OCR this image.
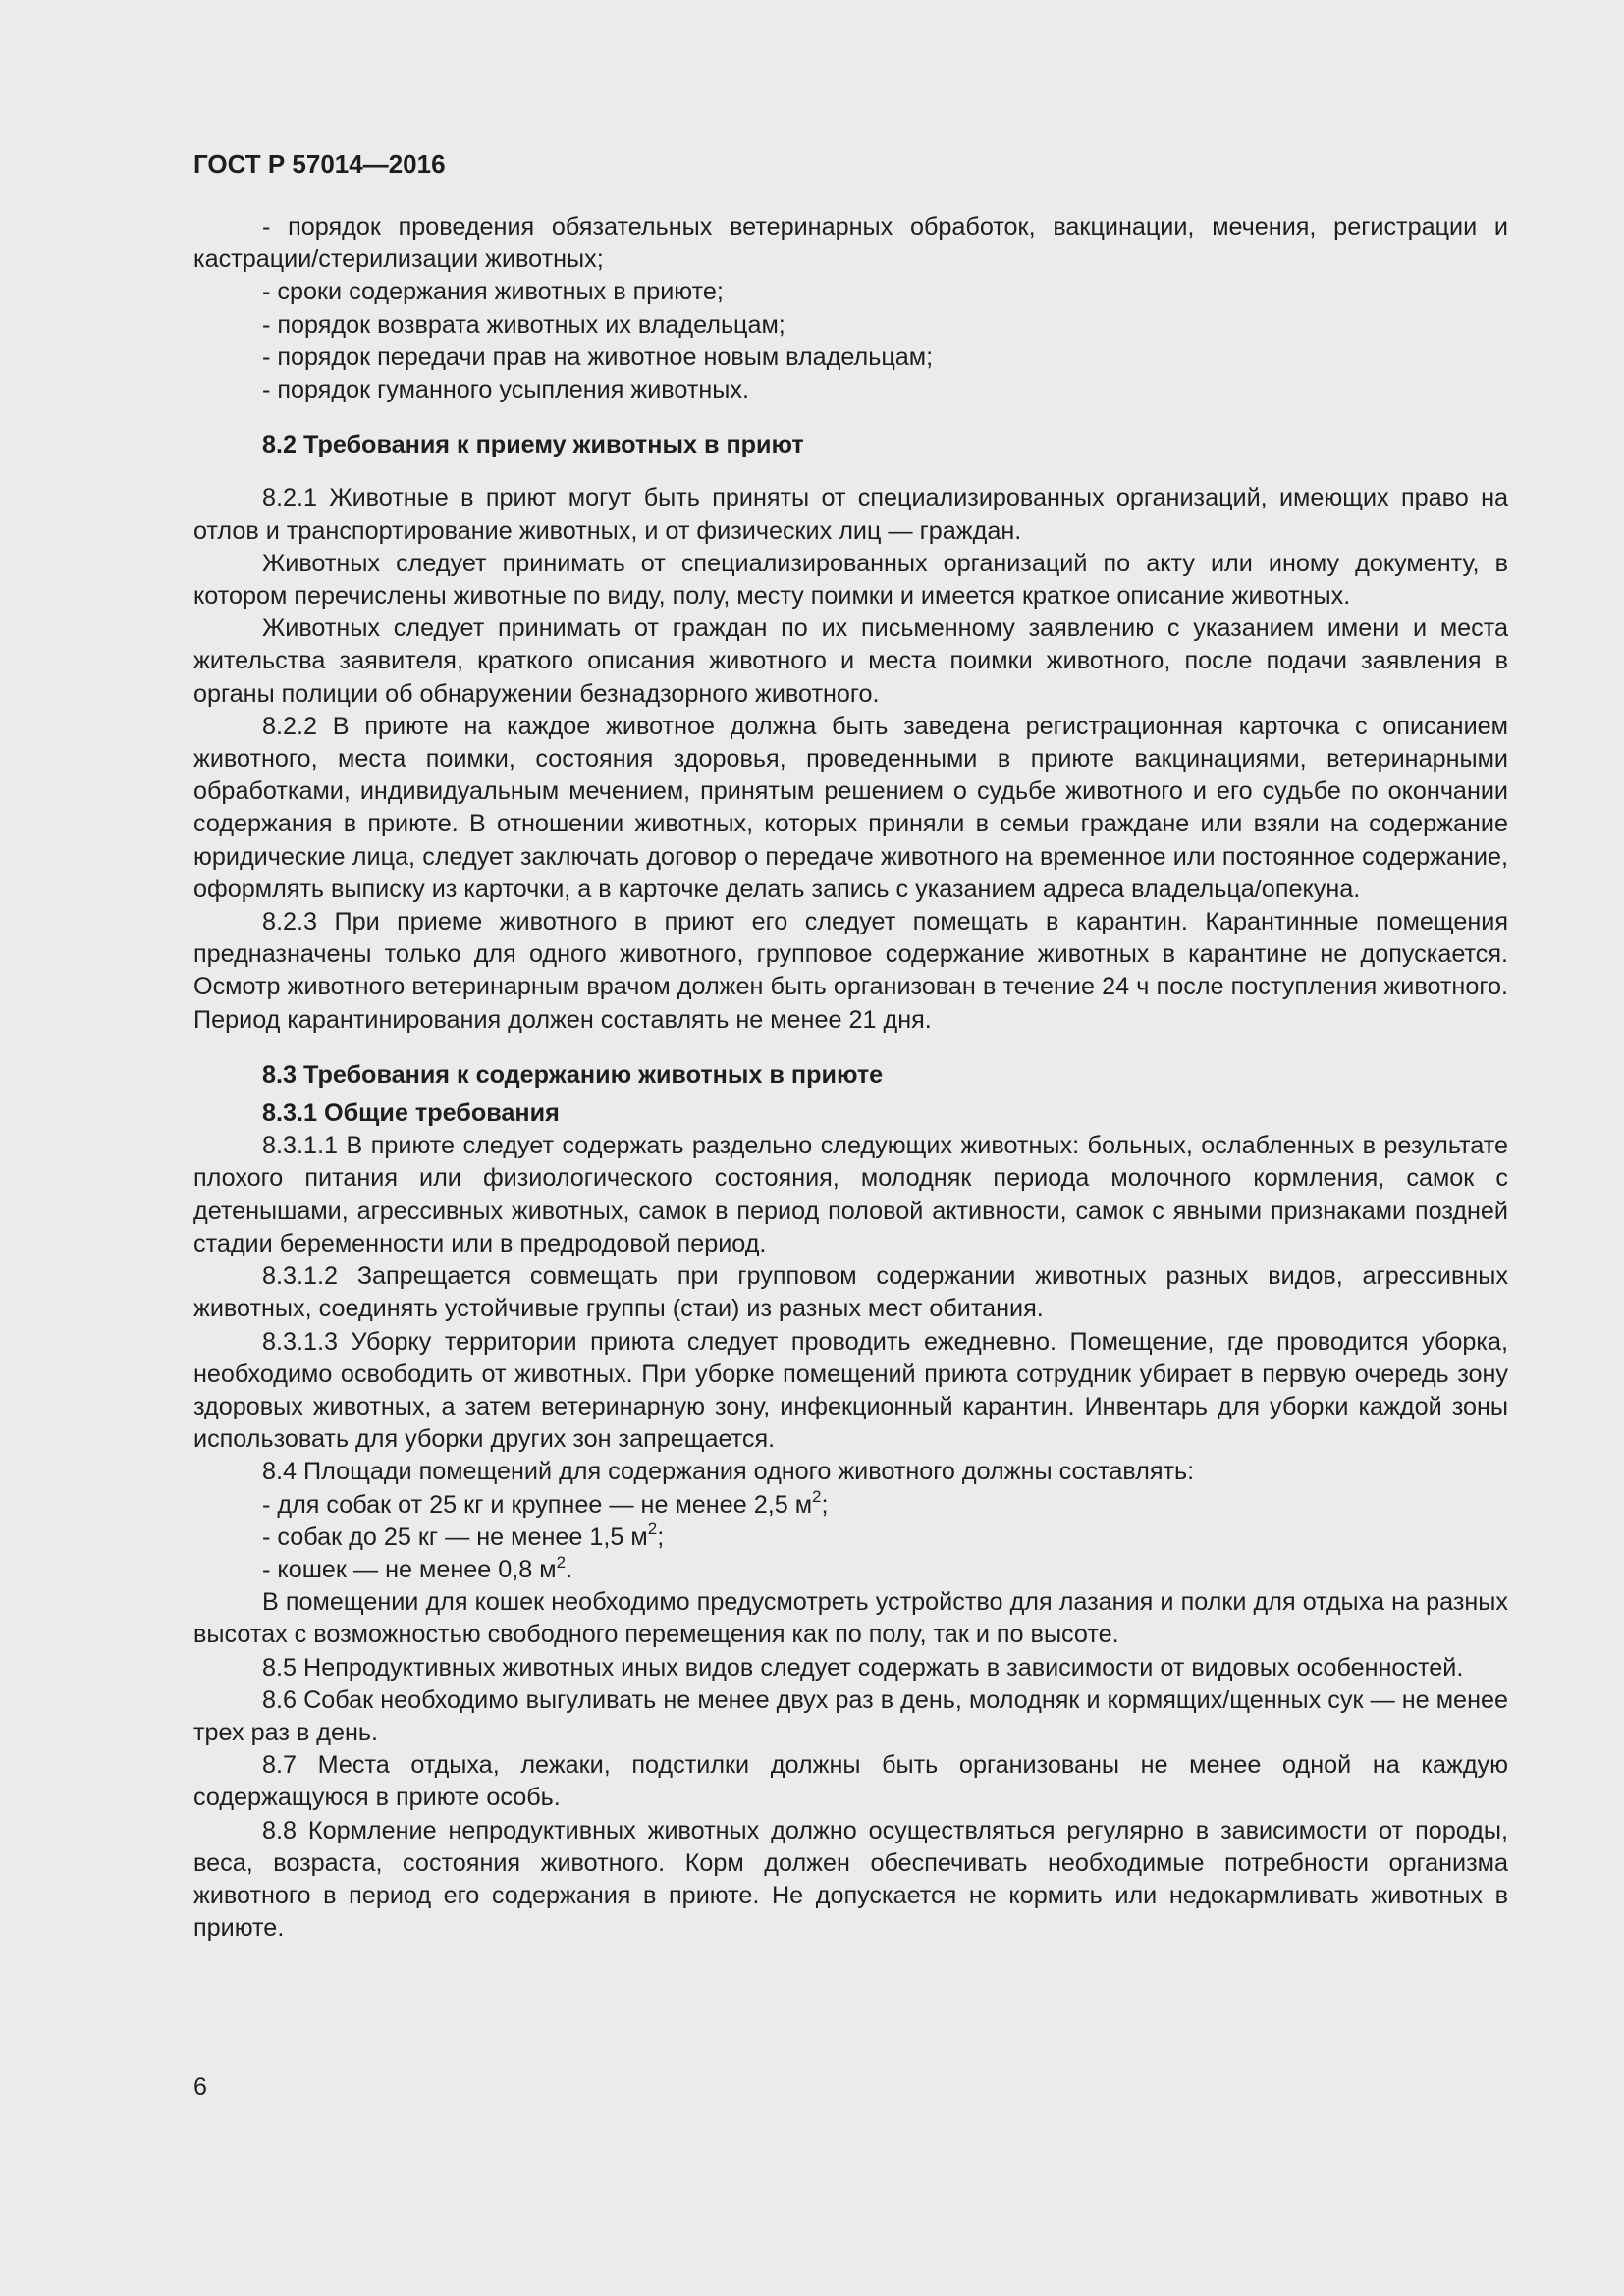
ГОСТ Р 57014—2016

- порядок проведения обязательных ветеринарных обработок, вакцинации, мечения, регистрации и кастрации/стерилизации животных;

- сроки содержания животных в приюте;

- порядок возврата животных их владельцам;

- порядок передачи прав на животное новым владельцам;

- порядок гуманного усыпления животных.

8.2 Требования к приему животных в приют

8.2.1 Животные в приют могут быть приняты от специализированных организаций, имеющих право на отлов и транспортирование животных, и от физических лиц — граждан.

Животных следует принимать от специализированных организаций по акту или иному документу, в котором перечислены животные по виду, полу, месту поимки и имеется краткое описание животных.

Животных следует принимать от граждан по их письменному заявлению с указанием имени и места жительства заявителя, краткого описания животного и места поимки животного, после подачи заявления в органы полиции об обнаружении безнадзорного животного.

8.2.2 В приюте на каждое животное должна быть заведена регистрационная карточка с описанием животного, места поимки, состояния здоровья, проведенными в приюте вакцинациями, ветеринарными обработками, индивидуальным мечением, принятым решением о судьбе животного и его судьбе по окончании содержания в приюте. В отношении животных, которых приняли в семьи граждане или взяли на содержание юридические лица, следует заключать договор о передаче животного на временное или постоянное содержание, оформлять выписку из карточки, а в карточке делать запись с указанием адреса владельца/опекуна.

8.2.3 При приеме животного в приют его следует помещать в карантин. Карантинные помещения предназначены только для одного животного, групповое содержание животных в карантине не допускается. Осмотр животного ветеринарным врачом должен быть организован в течение 24 ч после поступления животного. Период карантинирования должен составлять не менее 21 дня.

8.3 Требования к содержанию животных в приюте

8.3.1 Общие требования

8.3.1.1 В приюте следует содержать раздельно следующих животных: больных, ослабленных в результате плохого питания или физиологического состояния, молодняк периода молочного кормления, самок с детенышами, агрессивных животных, самок в период половой активности, самок с явными признаками поздней стадии беременности или в предродовой период.

8.3.1.2 Запрещается совмещать при групповом содержании животных разных видов, агрессивных животных, соединять устойчивые группы (стаи) из разных мест обитания.

8.3.1.3 Уборку территории приюта следует проводить ежедневно. Помещение, где проводится уборка, необходимо освободить от животных. При уборке помещений приюта сотрудник убирает в первую очередь зону здоровых животных, а затем ветеринарную зону, инфекционный карантин. Инвентарь для уборки каждой зоны использовать для уборки других зон запрещается.

8.4 Площади помещений для содержания одного животного должны составлять:

- для собак от 25 кг и крупнее — не менее 2,5 $м^2$;

- собак до 25 кг — не менее 1,5 $м^2$;

- кошек — не менее 0,8 $м^2$.

В помещении для кошек необходимо предусмотреть устройство для лазания и полки для отдыха на разных высотах с возможностью свободного перемещения как по полу, так и по высоте.

8.5 Непродуктивных животных иных видов следует содержать в зависимости от видовых особенностей.

8.6 Собак необходимо выгуливать не менее двух раз в день, молодняк и кормящих/щенных сук — не менее трех раз в день.

8.7 Места отдыха, лежаки, подстилки должны быть организованы не менее одной на каждую содержащуюся в приюте особь.

8.8 Кормление непродуктивных животных должно осуществляться регулярно в зависимости от породы, веса, возраста, состояния животного. Корм должен обеспечивать необходимые потребности организма животного в период его содержания в приюте. Не допускается не кормить или недокармливать животных в приюте.

6
